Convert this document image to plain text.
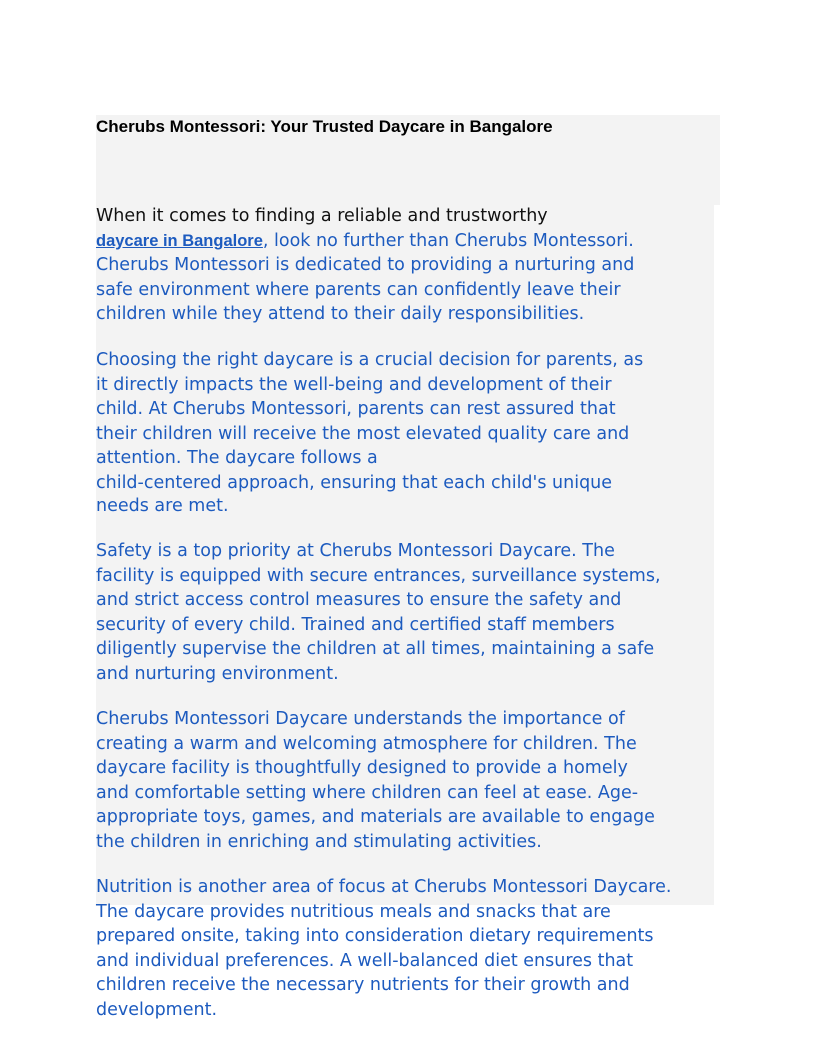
Cherubs Montessori: Your Trusted Daycare in Bangalore
When it comes to finding a reliable and trustworthy
daycare in Bangalore, look no further than Cherubs Montessori.
Cherubs Montessori is dedicated to providing a nurturing and
safe environment where parents can confidently leave their
children while they attend to their daily responsibilities.
Choosing the right daycare is a crucial decision for parents, as
it directly impacts the well-being and development of their
child. At Cherubs Montessori, parents can rest assured that
their children will receive the most elevated quality care and
attention. The daycare follows a
child-centered approach, ensuring that each child's unique
needs are met.
Safety is a top priority at Cherubs Montessori Daycare. The
facility is equipped with secure entrances, surveillance systems,
and strict access control measures to ensure the safety and
security of every child. Trained and certified staff members
diligently supervise the children at all times, maintaining a safe
and nurturing environment.
Cherubs Montessori Daycare understands the importance of
creating a warm and welcoming atmosphere for children. The
daycare facility is thoughtfully designed to provide a homely
and comfortable setting where children can feel at ease. Age-
appropriate toys, games, and materials are available to engage
the children in enriching and stimulating activities.
Nutrition is another area of focus at Cherubs Montessori Daycare.
The daycare provides nutritious meals and snacks that are
prepared onsite, taking into consideration dietary requirements
and individual preferences. A well-balanced diet ensures that
children receive the necessary nutrients for their growth and
development.
